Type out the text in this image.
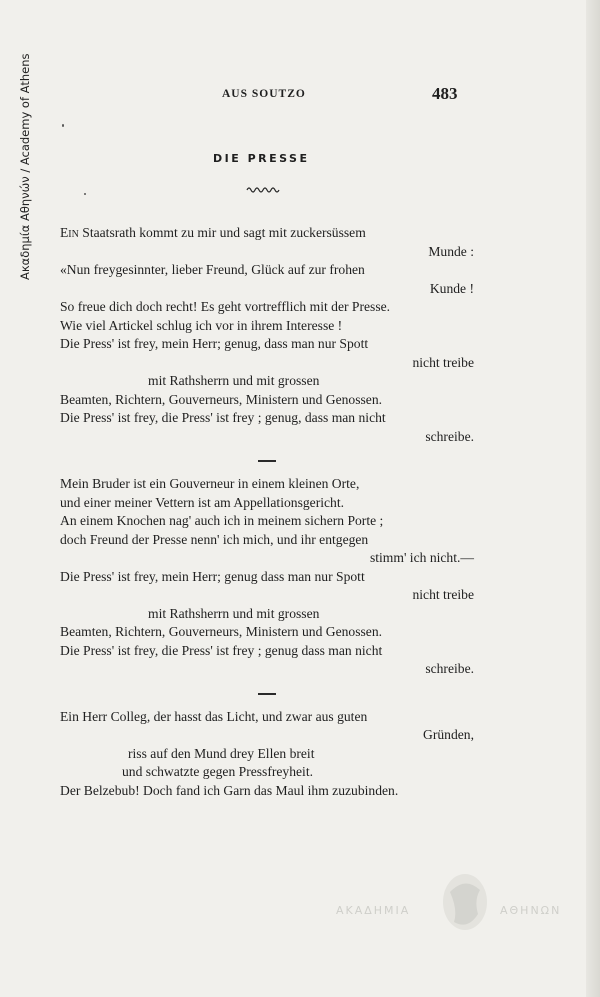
Ακαδημία Αθηνών / Academy of Athens	AUS SOUTZO	483
DIE PRESSE
Ein Staatsrath kommt zu mir und sagt mit zuckersüssem
Munde :
«Nun freygesinnter, lieber Freund, Glück auf zur frohen
Kunde !
So freue dich doch recht! Es geht vortrefflich mit der Presse.
Wie viel Artickel schlug ich vor in ihrem Interesse !
Die Press' ist frey, mein Herr; genug, dass man nur Spott
nicht treibe
mit Rathsherrn und mit grossen
Beamten, Richtern, Gouverneurs, Ministern und Genossen.
Die Press' ist frey, die Press' ist frey ; genug, dass man nicht
schreibe.
Mein Bruder ist ein Gouverneur in einem kleinen Orte,
und einer meiner Vettern ist am Appellationsgericht.
An einem Knochen nag' auch ich in meinem sichern Porte ;
doch Freund der Presse nenn' ich mich, und ihr entgegen
stimm' ich nicht.—
Die Press' ist frey, mein Herr; genug dass man nur Spott
nicht treibe
mit Rathsherrn und mit grossen
Beamten, Richtern, Gouverneurs, Ministern und Genossen.
Die Press' ist frey, die Press' ist frey ; genug dass man nicht
schreibe.
Ein Herr Colleg, der hasst das Licht, und zwar aus guten
Gründen,
riss auf den Mund drey Ellen breit
und schwatzte gegen Pressfreyheit.
Der Belzebub! Doch fand ich Garn das Maul ihm zuzubinden.
ΑΚΑΔΗΜΙΑ	ΑΘΗΝΩΝ
